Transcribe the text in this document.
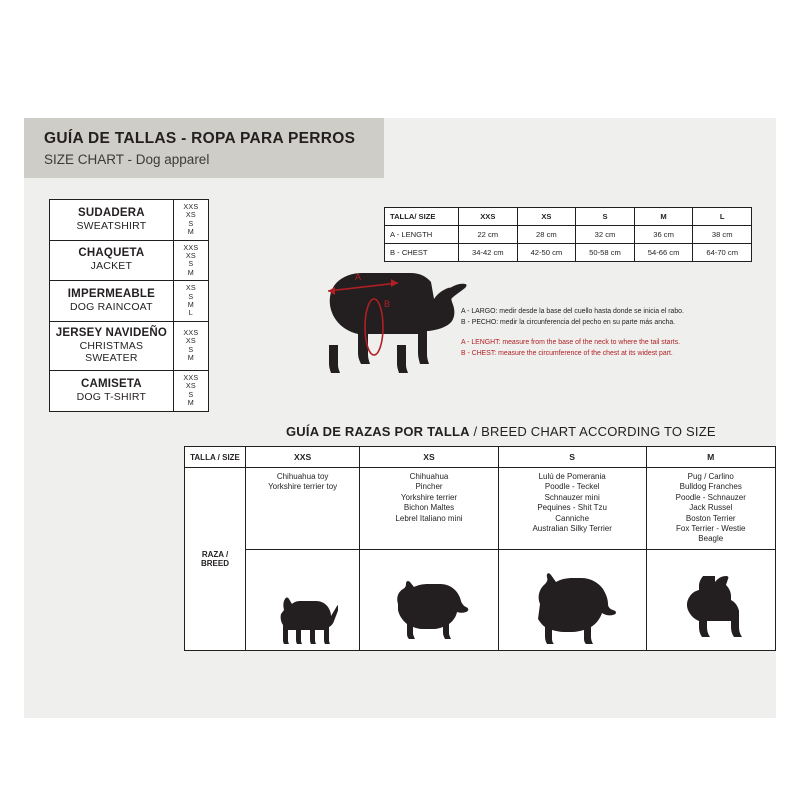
GUÍA DE TALLAS - ROPA PARA PERROS
SIZE CHART - Dog apparel
SUDADERA
SWEATSHIRT	XXS
XS
S
M

CHAQUETA
JACKET	XXS
XS
S
M

IMPERMEABLE
DOG RAINCOAT	XS
S
M
L

JERSEY NAVIDEÑO
CHRISTMAS SWEATER	XXS
XS
S
M

CAMISETA
DOG T-SHIRT	XXS
XS
S
M
TALLA/ SIZE	XXS	XS	S	M	L
A - LENGTH	22 cm	28 cm	32 cm	36 cm	38 cm
B - CHEST	34-42 cm	42-50 cm	50-58 cm	54-66 cm	64-70 cm
A
B
A - LARGO: medir desde la base del cuello hasta donde se inicia el rabo.
B - PECHO: medir la circunferencia del pecho en su parte más ancha.
A - LENGHT: measure from the base of the neck to where the tail starts.
B - CHEST: measure the circumference of the chest at its widest part.
GUÍA DE RAZAS POR TALLA / BREED CHART ACCORDING TO SIZE
TALLA / SIZE	XXS	XS	S	M
RAZA / BREED	
Chihuahua toy
Yorkshire terrier toy

Chihuahua
Pincher
Yorkshire terrier
Bichon Maltes
Lebrel Italiano mini

Lulú de Pomerania
Poodle - Teckel
Schnauzer mini
Pequines - Shit Tzu
Canniche
Australian Silky Terrier

Pug / Carlino
Bulldog Franches
Poodle - Schnauzer
Jack Russel
Boston Terrier
Fox Terrier - Westie
Beagle
